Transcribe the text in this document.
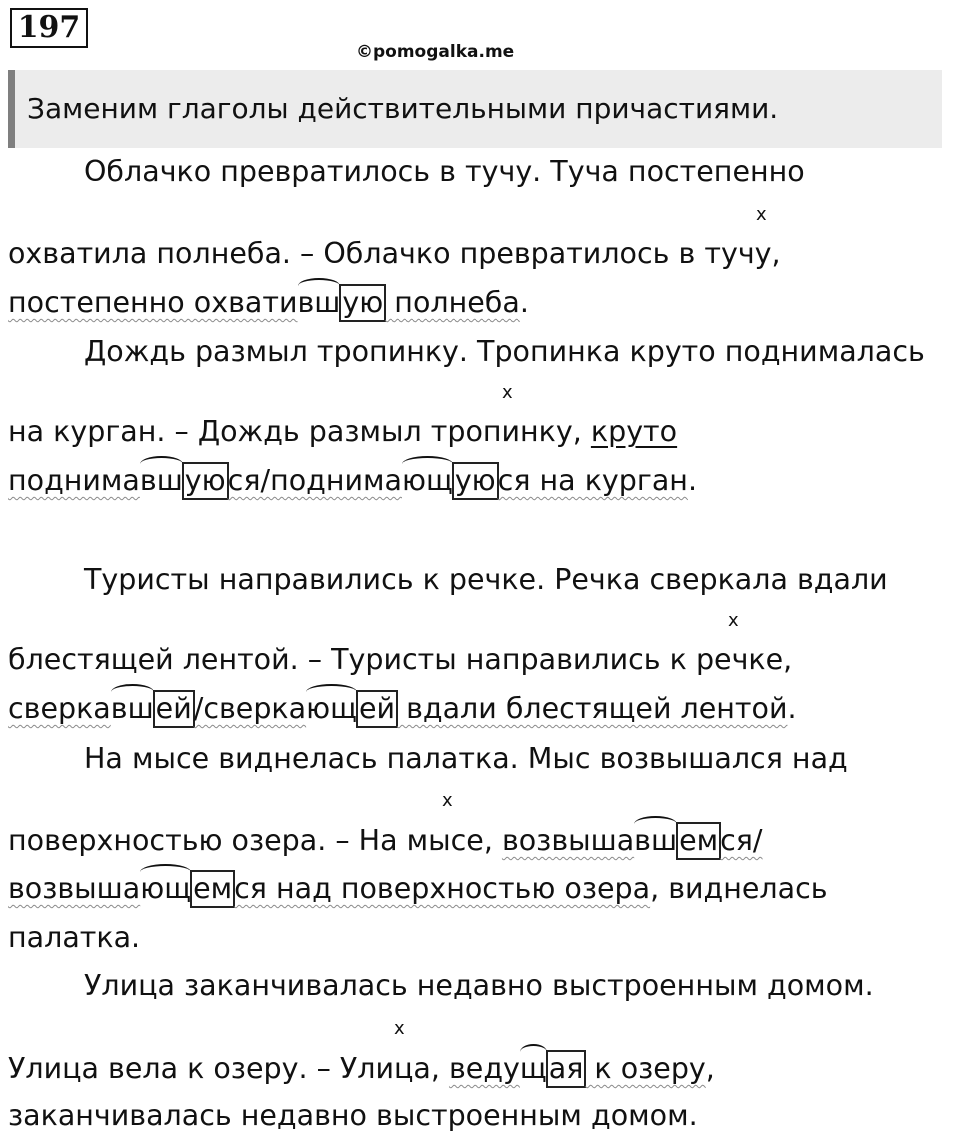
197
©pomogalka.me
Заменим глаголы действительными причастиями.
Облачко превратилось в тучу. Туча постепенно
x
охватила полнеба. – Облачко превратилось в тучу,
постепенно охватившую полнеба.
Дождь размыл тропинку. Тропинка круто поднималась
x
на курган. – Дождь размыл тропинку, круто
поднимавшуюся/поднимающуюся на курган.
Туристы направились к речке. Речка сверкала вдали
x
блестящей лентой. – Туристы направились к речке,
сверкавшей/сверкающей вдали блестящей лентой.
На мысе виднелась палатка. Мыс возвышался над
x
поверхностью озера. – На мысе, возвышавшемся/
возвышающемся над поверхностью озера, виднелась
палатка.
Улица заканчивалась недавно выстроенным домом.
x
Улица вела к озеру. – Улица, ведущая к озеру,
заканчивалась недавно выстроенным домом.
